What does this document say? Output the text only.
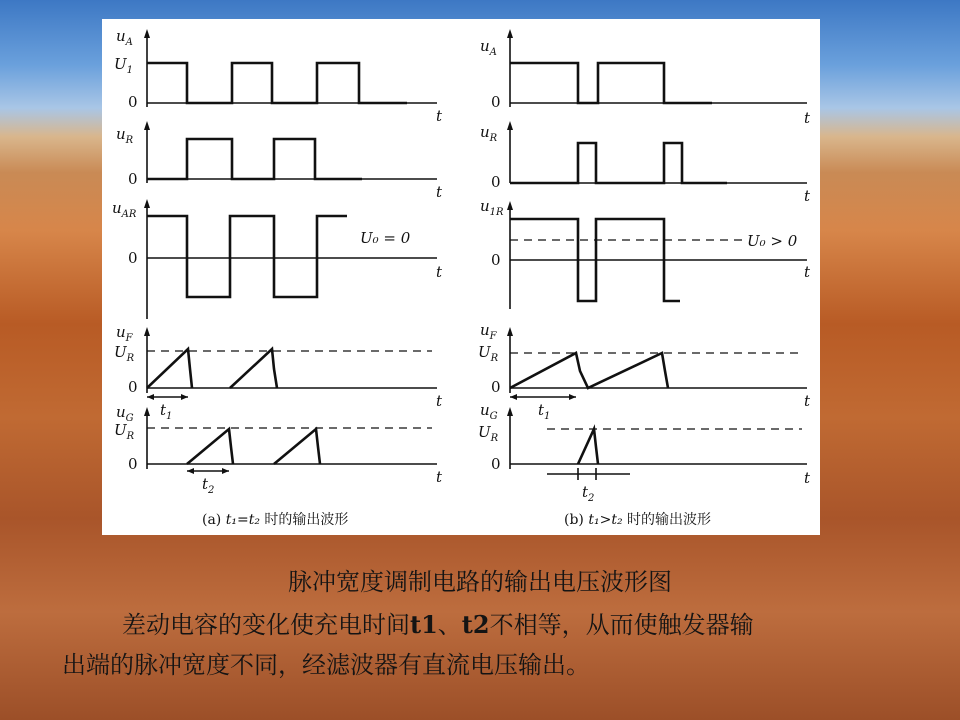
$u_A$
$U_1$
0
t
$u_R$
0
t
$u_{AR}$
0
t
U₀ = 0
$u_F$
$U_R$
0
t
$t_1$
$u_G$
$U_R$
0
t
$t_2$
(a) t₁=t₂ 时的输出波形
$u_A$
0
t
$u_R$
0
t
$u_{1R}$
0
t
U₀ > 0
$u_F$
$U_R$
0
t
$t_1$
$u_G$
$U_R$
0
t
$t_2$
(b) t₁>t₂ 时的输出波形
脉冲宽度调制电路的输出电压波形图
差动电容的变化使充电时间t1、t2不相等，从而使触发器输
出端的脉冲宽度不同，经滤波器有直流电压输出。
